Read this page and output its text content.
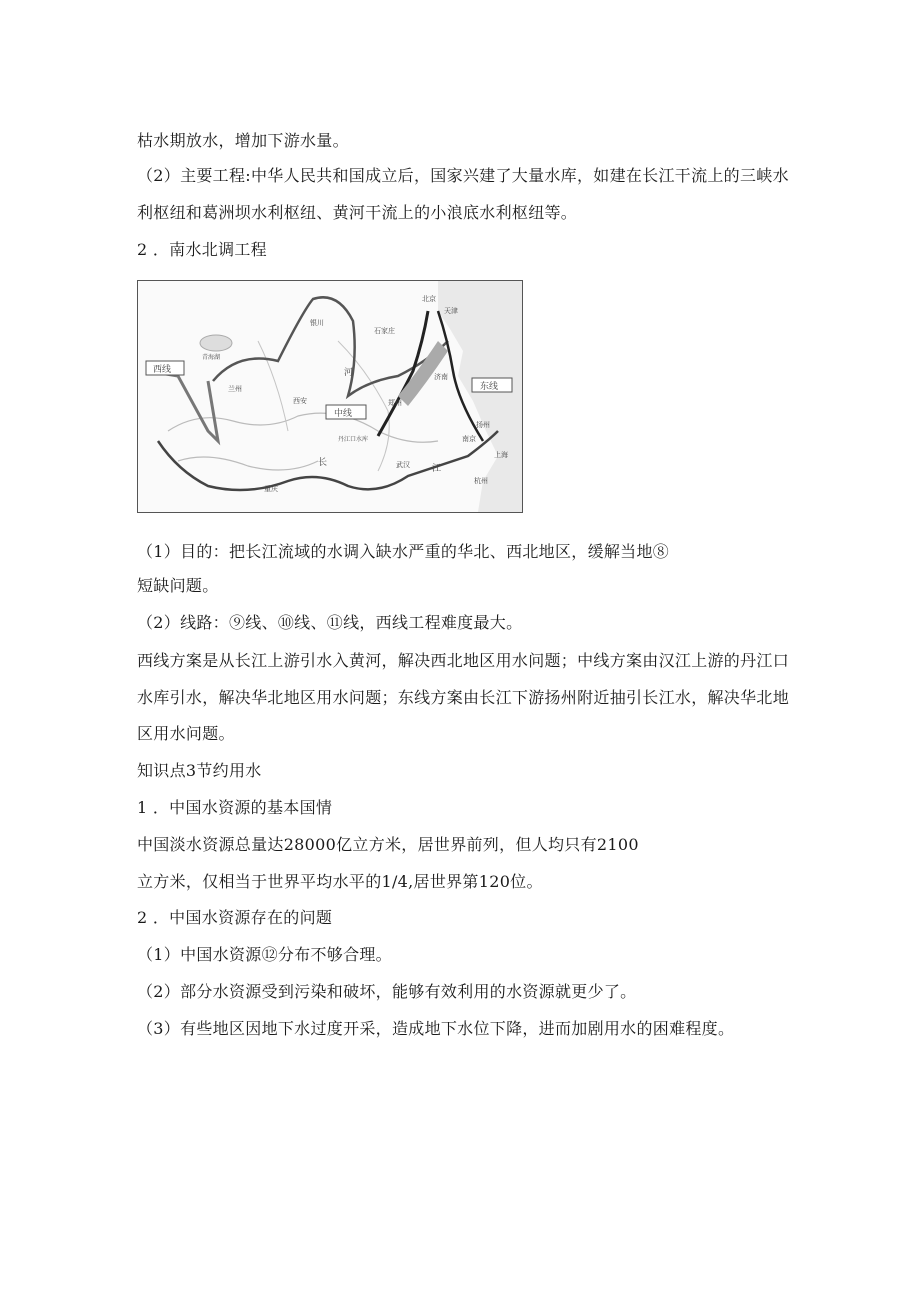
枯水期放水，增加下游水量。
（2）主要工程:中华人民共和国成立后，国家兴建了大量水库，如建在长江干流上的三峡水
利枢纽和葛洲坝水利枢纽、黄河干流上的小浪底水利枢纽等。
2 ．南水北调工程
西线
中线
东线
北京
天津
石家庄
银川
青海湖
兰州
西安	郑州
济南
丹江口水库
武汉
重庆
南京
杭州
扬州
上海
河
长
江
（1）目的：把长江流域的水调入缺水严重的华北、西北地区，缓解当地⑧
短缺问题。
（2）线路：⑨线、⑩线、⑪线，西线工程难度最大。
西线方案是从长江上游引水入黄河，解决西北地区用水问题；中线方案由汉江上游的丹江口
水库引水，解决华北地区用水问题；东线方案由长江下游扬州附近抽引长江水，解决华北地
区用水问题。
知识点3节约用水
1 ．中国水资源的基本国情
中国淡水资源总量达28000亿立方米，居世界前列，但人均只有2100
立方米，仅相当于世界平均水平的1/4,居世界第120位。
2 ．中国水资源存在的问题
（1）中国水资源⑫分布不够合理。
（2）部分水资源受到污染和破坏，能够有效利用的水资源就更少了。
（3）有些地区因地下水过度开采，造成地下水位下降，进而加剧用水的困难程度。
